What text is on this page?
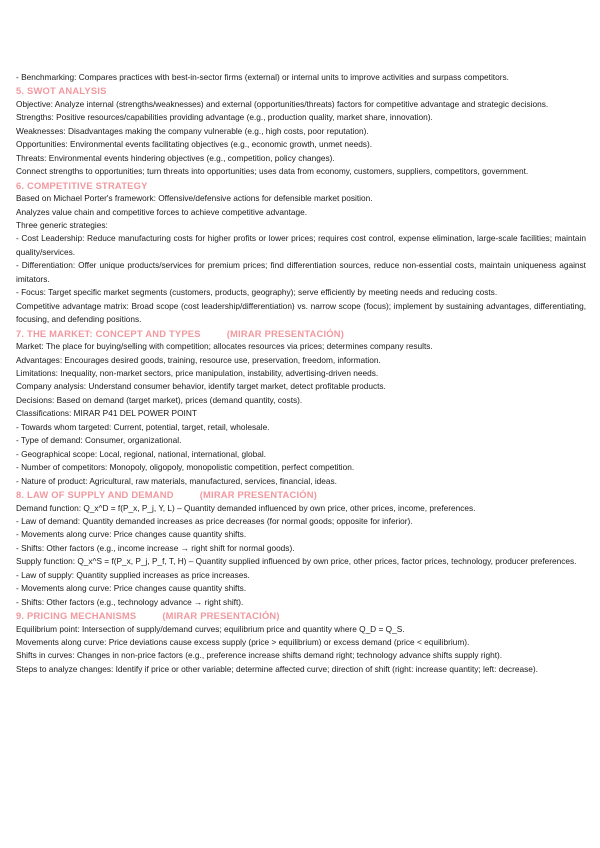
- Benchmarking: Compares practices with best-in-sector firms (external) or internal units to improve activities and surpass competitors.
5. SWOT ANALYSIS
Objective: Analyze internal (strengths/weaknesses) and external (opportunities/threats) factors for competitive advantage and strategic decisions.
Strengths: Positive resources/capabilities providing advantage (e.g., production quality, market share, innovation).
Weaknesses: Disadvantages making the company vulnerable (e.g., high costs, poor reputation).
Opportunities: Environmental events facilitating objectives (e.g., economic growth, unmet needs).
Threats: Environmental events hindering objectives (e.g., competition, policy changes).
Connect strengths to opportunities; turn threats into opportunities; uses data from economy, customers, suppliers, competitors, government.
6. COMPETITIVE STRATEGY
Based on Michael Porter's framework: Offensive/defensive actions for defensible market position.
Analyzes value chain and competitive forces to achieve competitive advantage.
Three generic strategies:
- Cost Leadership: Reduce manufacturing costs for higher profits or lower prices; requires cost control, expense elimination, large-scale facilities; maintain quality/services.
- Differentiation: Offer unique products/services for premium prices; find differentiation sources, reduce non-essential costs, maintain uniqueness against imitators.
- Focus: Target specific market segments (customers, products, geography); serve efficiently by meeting needs and reducing costs.
Competitive advantage matrix: Broad scope (cost leadership/differentiation) vs. narrow scope (focus); implement by sustaining advantages, differentiating, focusing, and defending positions.
7. THE MARKET: CONCEPT AND TYPES	(MIRAR PRESENTACIÓN)
Market: The place for buying/selling with competition; allocates resources via prices; determines company results.
Advantages: Encourages desired goods, training, resource use, preservation, freedom, information.
Limitations: Inequality, non-market sectors, price manipulation, instability, advertising-driven needs.
Company analysis: Understand consumer behavior, identify target market, detect profitable products.
Decisions: Based on demand (target market), prices (demand quantity, costs).
Classifications: MIRAR P41 DEL POWER POINT
- Towards whom targeted: Current, potential, target, retail, wholesale.
- Type of demand: Consumer, organizational.
- Geographical scope: Local, regional, national, international, global.
- Number of competitors: Monopoly, oligopoly, monopolistic competition, perfect competition.
- Nature of product: Agricultural, raw materials, manufactured, services, financial, ideas.
8. LAW OF SUPPLY AND DEMAND	(MIRAR PRESENTACIÓN)
Demand function: Q_x^D = f(P_x, P_j, Y, L) – Quantity demanded influenced by own price, other prices, income, preferences.
- Law of demand: Quantity demanded increases as price decreases (for normal goods; opposite for inferior).
- Movements along curve: Price changes cause quantity shifts.
- Shifts: Other factors (e.g., income increase → right shift for normal goods).
Supply function: Q_x^S = f(P_x, P_j, P_f, T, H) – Quantity supplied influenced by own price, other prices, factor prices, technology, producer preferences.
- Law of supply: Quantity supplied increases as price increases.
- Movements along curve: Price changes cause quantity shifts.
- Shifts: Other factors (e.g., technology advance → right shift).
9. PRICING MECHANISMS	(MIRAR PRESENTACIÓN)
Equilibrium point: Intersection of supply/demand curves; equilibrium price and quantity where Q_D = Q_S.
Movements along curve: Price deviations cause excess supply (price > equilibrium) or excess demand (price < equilibrium).
Shifts in curves: Changes in non-price factors (e.g., preference increase shifts demand right; technology advance shifts supply right).
Steps to analyze changes: Identify if price or other variable; determine affected curve; direction of shift (right: increase quantity; left: decrease).
